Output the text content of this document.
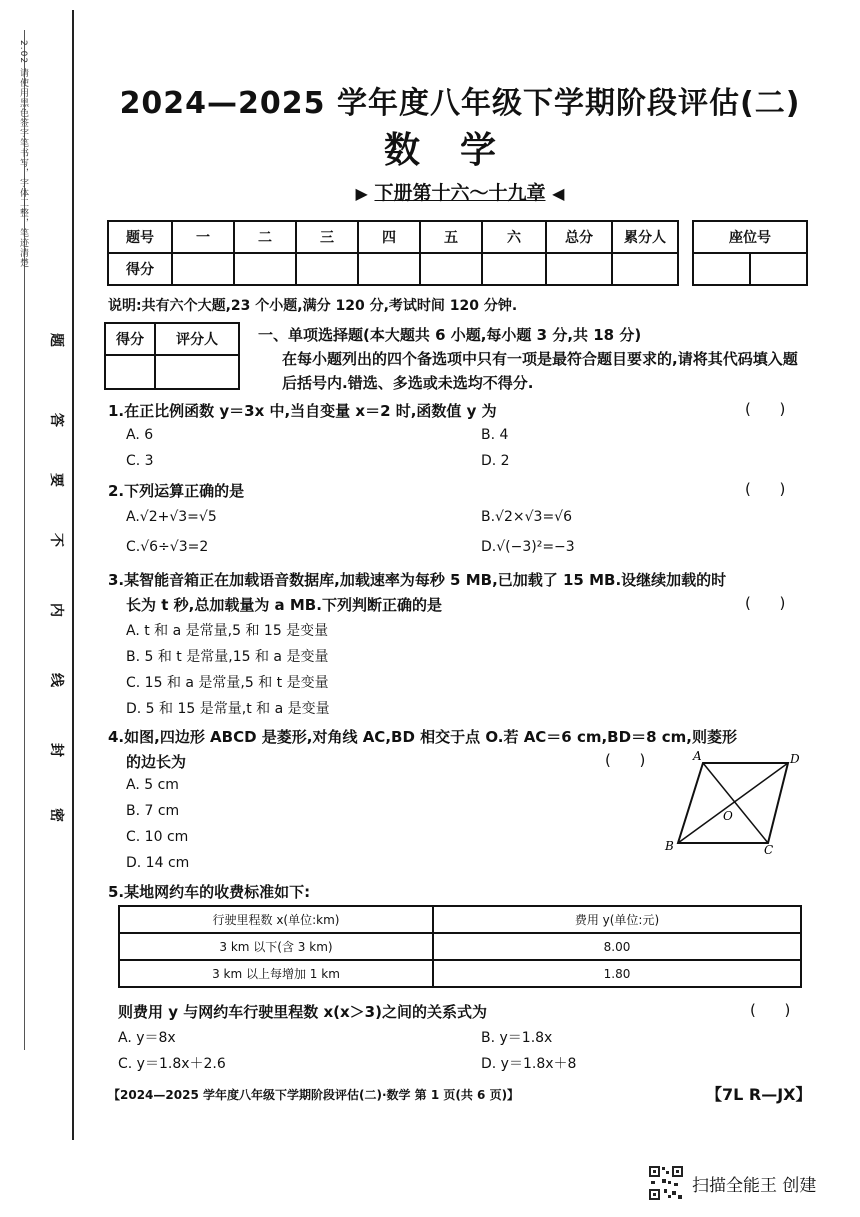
2.02 请使用黑色签字笔书写，字体工整，笔迹清楚
题
答
要
不
内
线
封
密
2024—2025 学年度八年级下学期阶段评估(二)
数学
▶ 下册第十六～十九章 ◀
题号	一	二	三	四	五	六	总分	累分人
得分								
座位号

说明:共有六个大题,23 个小题,满分 120 分,考试时间 120 分钟.
得分	评分人
		一、单项选择题(本大题共 6 小题,每小题 3 分,共 18 分)
在每小题列出的四个备选项中只有一项是最符合题目要求的,请将其代码填入题后括号内.错选、多选或未选均不得分.
1.在正比例函数 y＝3x 中,当自变量 x＝2 时,函数值 y 为	(      )
A. 6	B. 4
C. 3	D. 2
2.下列运算正确的是	(      )
A.√2+√3=√5	B.√2×√3=√6
C.√6÷√3=2	D.√(−3)²=−3
3.某智能音箱正在加载语音数据库,加载速率为每秒 5 MB,已加载了 15 MB.设继续加载的时
长为 t 秒,总加载量为 a MB.下列判断正确的是	(      )
A. t 和 a 是常量,5 和 15 是变量
B. 5 和 t 是常量,15 和 a 是变量
C. 15 和 a 是常量,5 和 t 是变量
D. 5 和 15 是常量,t 和 a 是变量
4.如图,四边形 ABCD 是菱形,对角线 AC,BD 相交于点 O.若 AC＝6 cm,BD＝8 cm,则菱形
的边长为	(      )
A. 5 cm
B. 7 cm
C. 10 cm
D. 14 cm
A	D
O
B	C
5.某地网约车的收费标准如下:
行驶里程数 x(单位:km)	费用 y(单位:元)
3 km 以下(含 3 km)	8.00
3 km 以上每增加 1 km	1.80
则费用 y 与网约车行驶里程数 x(x＞3)之间的关系式为	(      )
A. y＝8x	B. y＝1.8x
C. y＝1.8x＋2.6	D. y＝1.8x＋8
【2024—2025 学年度八年级下学期阶段评估(二)·数学 第 1 页(共 6 页)】	【7L R—JX】
扫描全能王 创建
